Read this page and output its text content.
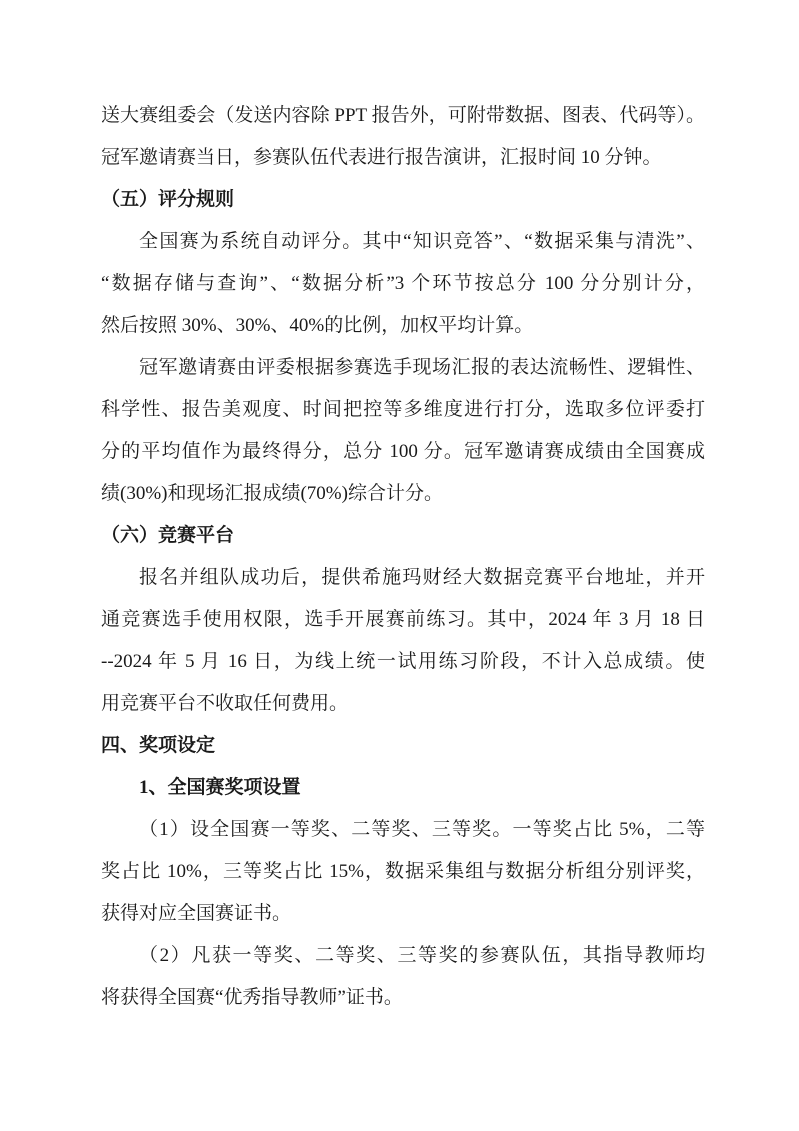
送大赛组委会（发送内容除 PPT 报告外，可附带数据、图表、代码等）。
冠军邀请赛当日，参赛队伍代表进行报告演讲，汇报时间 10 分钟。
（五）评分规则
全国赛为系统自动评分。其中“知识竞答”、“数据采集与清洗”、
“数据存储与查询”、“数据分析”3 个环节按总分 100 分分别计分，
然后按照 30%、30%、40%的比例，加权平均计算。
冠军邀请赛由评委根据参赛选手现场汇报的表达流畅性、逻辑性、
科学性、报告美观度、时间把控等多维度进行打分，选取多位评委打
分的平均值作为最终得分，总分 100 分。冠军邀请赛成绩由全国赛成
绩(30%)和现场汇报成绩(70%)综合计分。
（六）竞赛平台
报名并组队成功后，提供希施玛财经大数据竞赛平台地址，并开
通竞赛选手使用权限，选手开展赛前练习。其中，2024 年 3 月 18 日
--2024 年 5 月 16 日，为线上统一试用练习阶段，不计入总成绩。使
用竞赛平台不收取任何费用。
四、奖项设定
1、全国赛奖项设置
（1）设全国赛一等奖、二等奖、三等奖。一等奖占比 5%，二等
奖占比 10%，三等奖占比 15%，数据采集组与数据分析组分别评奖，
获得对应全国赛证书。
（2）凡获一等奖、二等奖、三等奖的参赛队伍，其指导教师均
将获得全国赛“优秀指导教师”证书。
